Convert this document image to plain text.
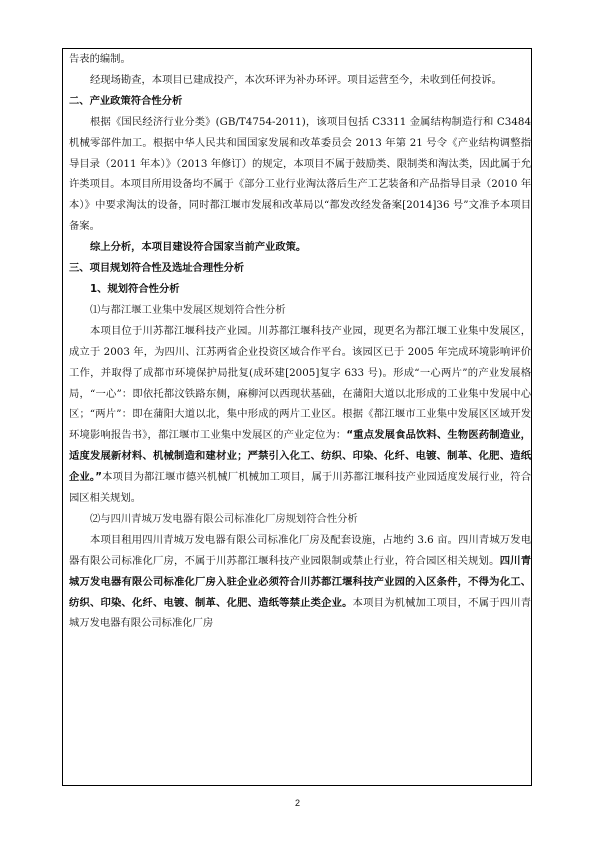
告表的编制。

经现场勘查，本项目已建成投产，本次环评为补办环评。项目运营至今，未收到任何投诉。

二、产业政策符合性分析

根据《国民经济行业分类》(GB/T4754-2011)，该项目包括 C3311 金属结构制造行和 C3484 机械零部件加工。根据中华人民共和国国家发展和改革委员会 2013 年第 21 号令《产业结构调整指导目录（2011 年本）》（2013 年修订）的规定，本项目不属于鼓励类、限制类和淘汰类，因此属于允许类项目。本项目所用设备均不属于《部分工业行业淘汰落后生产工艺装备和产品指导目录（2010 年本）》中要求淘汰的设备，同时都江堰市发展和改革局以“都发改经发备案[2014]36 号”文准予本项目备案。

综上分析，本项目建设符合国家当前产业政策。

三、项目规划符合性及选址合理性分析

1、规划符合性分析

⑴与都江堰工业集中发展区规划符合性分析

本项目位于川苏都江堰科技产业园。川苏都江堰科技产业园，现更名为都江堰工业集中发展区，成立于 2003 年，为四川、江苏两省企业投资区域合作平台。该园区已于 2005 年完成环境影响评价工作，并取得了成都市环境保护局批复(成环建[2005]复字 633 号)。形成“一心两片”的产业发展格局，“一心”：即依托都汶铁路东侧，麻柳河以西现状基础，在蒲阳大道以北形成的工业集中发展中心区；“两片”：即在蒲阳大道以北，集中形成的两片工业区。根据《都江堰市工业集中发展区区域开发环境影响报告书》，都江堰市工业集中发展区的产业定位为：“重点发展食品饮料、生物医药制造业，适度发展新材料、机械制造和建材业；严禁引入化工、纺织、印染、化纤、电镀、制革、化肥、造纸企业。”本项目为都江堰市德兴机械厂机械加工项目，属于川苏都江堰科技产业园适度发展行业，符合园区相关规划。

⑵与四川青城万发电器有限公司标准化厂房规划符合性分析

本项目租用四川青城万发电器有限公司标准化厂房及配套设施，占地约 3.6 亩。四川青城万发电器有限公司标准化厂房，不属于川苏都江堰科技产业园限制或禁止行业，符合园区相关规划。四川青城万发电器有限公司标准化厂房入驻企业必须符合川苏都江堰科技产业园的入区条件，不得为化工、纺织、印染、化纤、电镀、制革、化肥、造纸等禁止类企业。本项目为机械加工项目，不属于四川青城万发电器有限公司标准化厂房

2
